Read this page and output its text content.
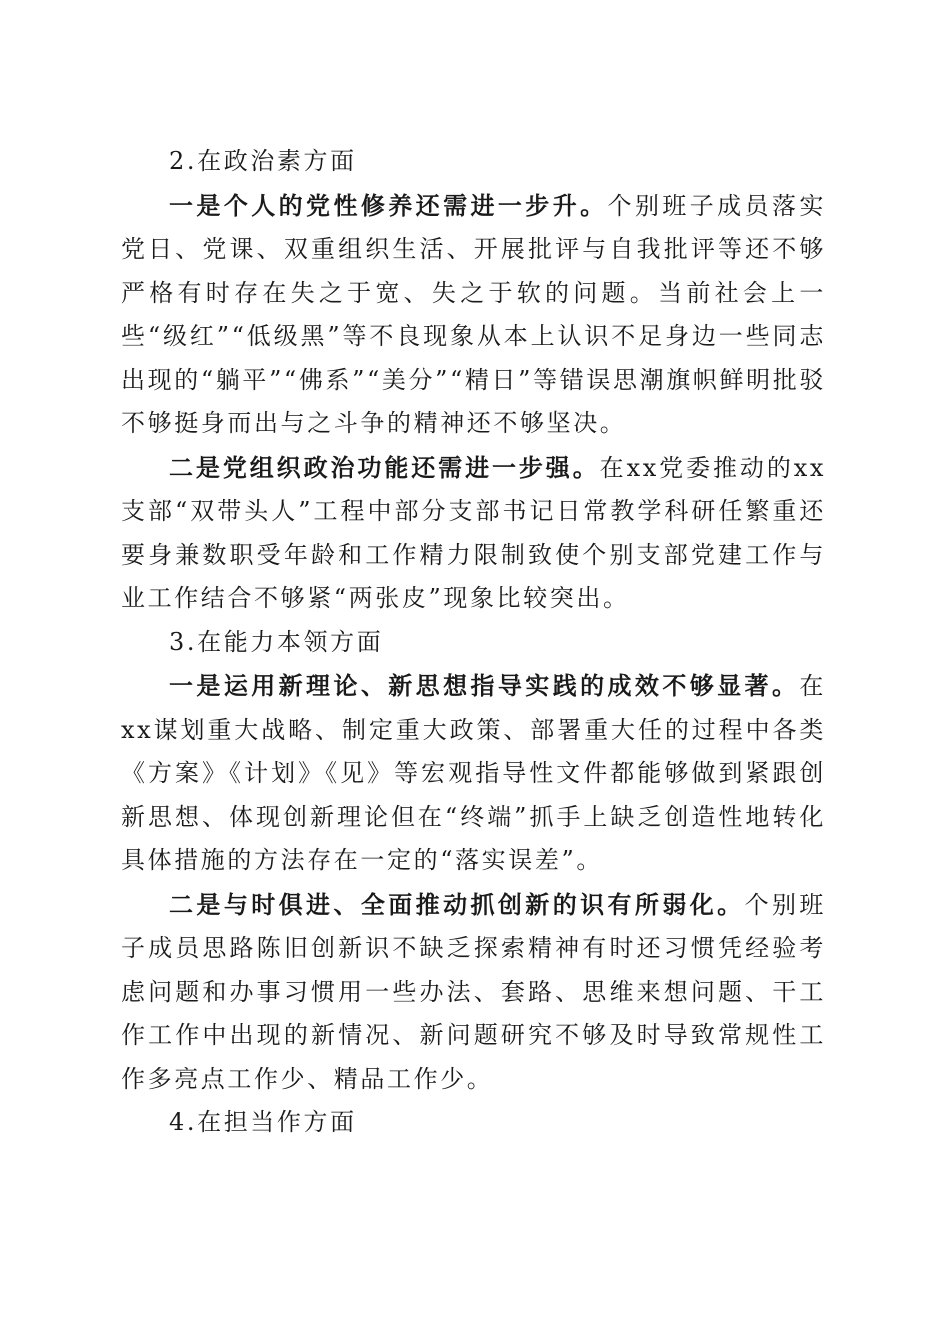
2.在政治素方面

一是个人的党性修养还需进一步升。个别班子成员落实党日、党课、双重组织生活、开展批评与自我批评等还不够严格有时存在失之于宽、失之于软的问题。当前社会上一些“级红”“低级黑”等不良现象从本上认识不足身边一些同志出现的“躺平”“佛系”“美分”“精日”等错误思潮旗帜鲜明批驳不够挺身而出与之斗争的精神还不够坚决。

二是党组织政治功能还需进一步强。在xx党委推动的xx支部“双带头人”工程中部分支部书记日常教学科研任繁重还要身兼数职受年龄和工作精力限制致使个别支部党建工作与业工作结合不够紧“两张皮”现象比较突出。

3.在能力本领方面

一是运用新理论、新思想指导实践的成效不够显著。在xx谋划重大战略、制定重大政策、部署重大任的过程中各类《方案》《计划》《见》等宏观指导性文件都能够做到紧跟创新思想、体现创新理论但在“终端”抓手上缺乏创造性地转化具体措施的方法存在一定的“落实误差”。

二是与时俱进、全面推动抓创新的识有所弱化。个别班子成员思路陈旧创新识不缺乏探索精神有时还习惯凭经验考虑问题和办事习惯用一些办法、套路、思维来想问题、干工作工作中出现的新情况、新问题研究不够及时导致常规性工作多亮点工作少、精品工作少。

4.在担当作方面
